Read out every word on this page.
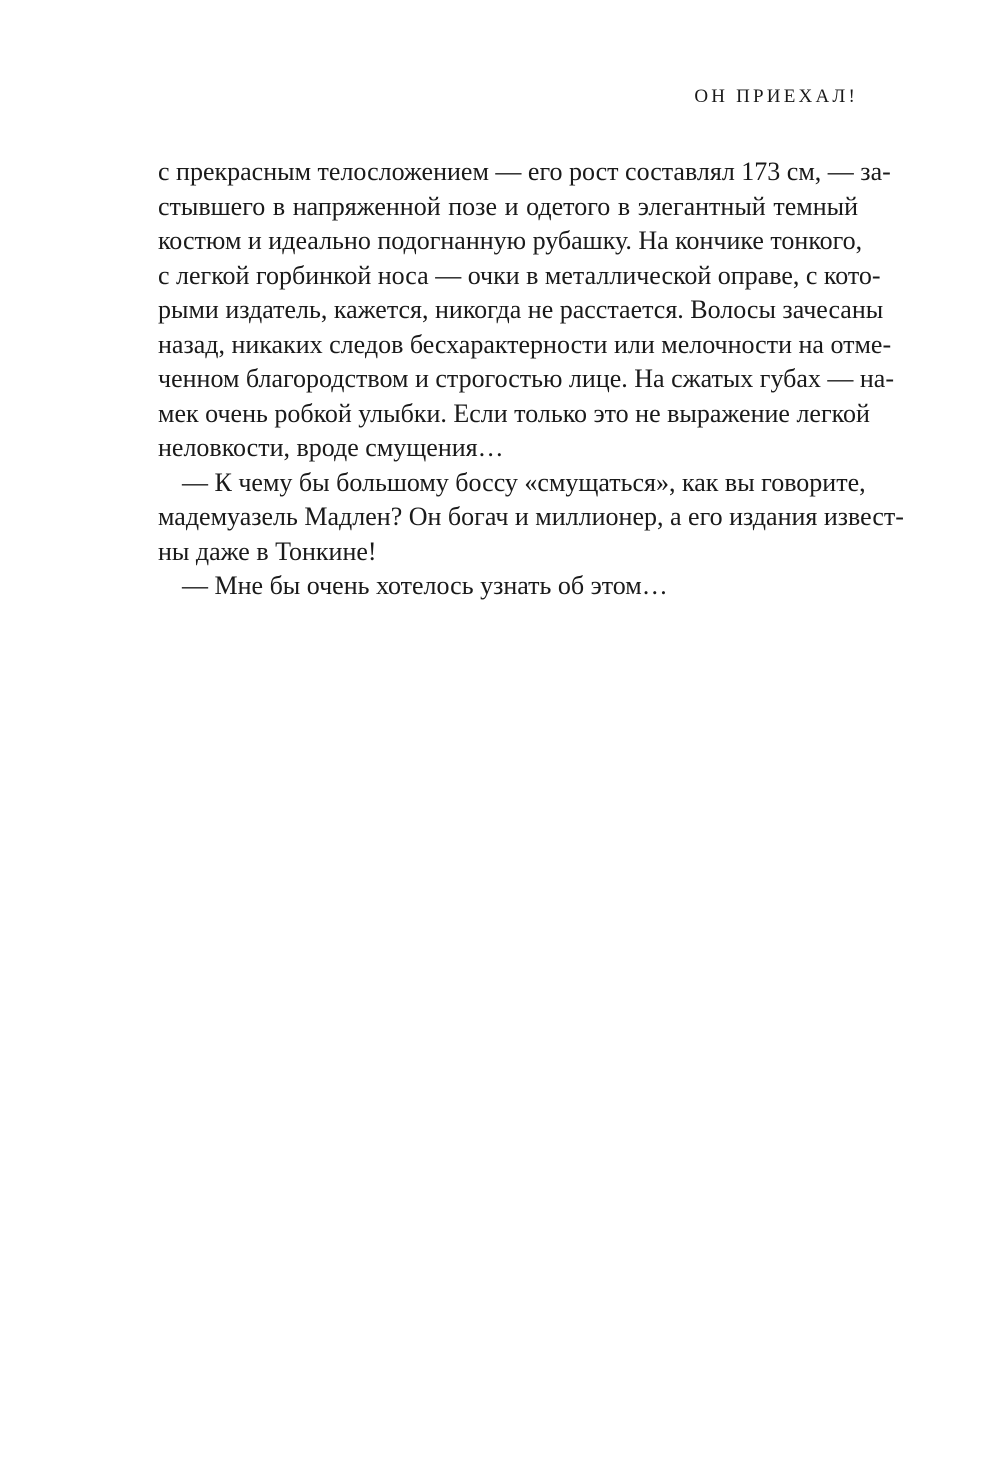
ОН ПРИЕХАЛ!
с прекрасным телосложением — его рост составлял 173 см, — за-
стывшего в напряженной позе и одетого в элегантный темный
костюм и идеально подогнанную рубашку. На кончике тонкого,
с легкой горбинкой носа — очки в металлической оправе, с кото-
рыми издатель, кажется, никогда не расстается. Волосы зачесаны
назад, никаких следов бесхарактерности или мелочности на отме-
ченном благородством и строгостью лице. На сжатых губах — на-
мек очень робкой улыбки. Если только это не выражение легкой
неловкости, вроде смущения…
— К чему бы большому боссу «смущаться», как вы говорите,
мадемуазель Мадлен? Он богач и миллионер, а его издания извест-
ны даже в Тонкине!
— Мне бы очень хотелось узнать об этом…
